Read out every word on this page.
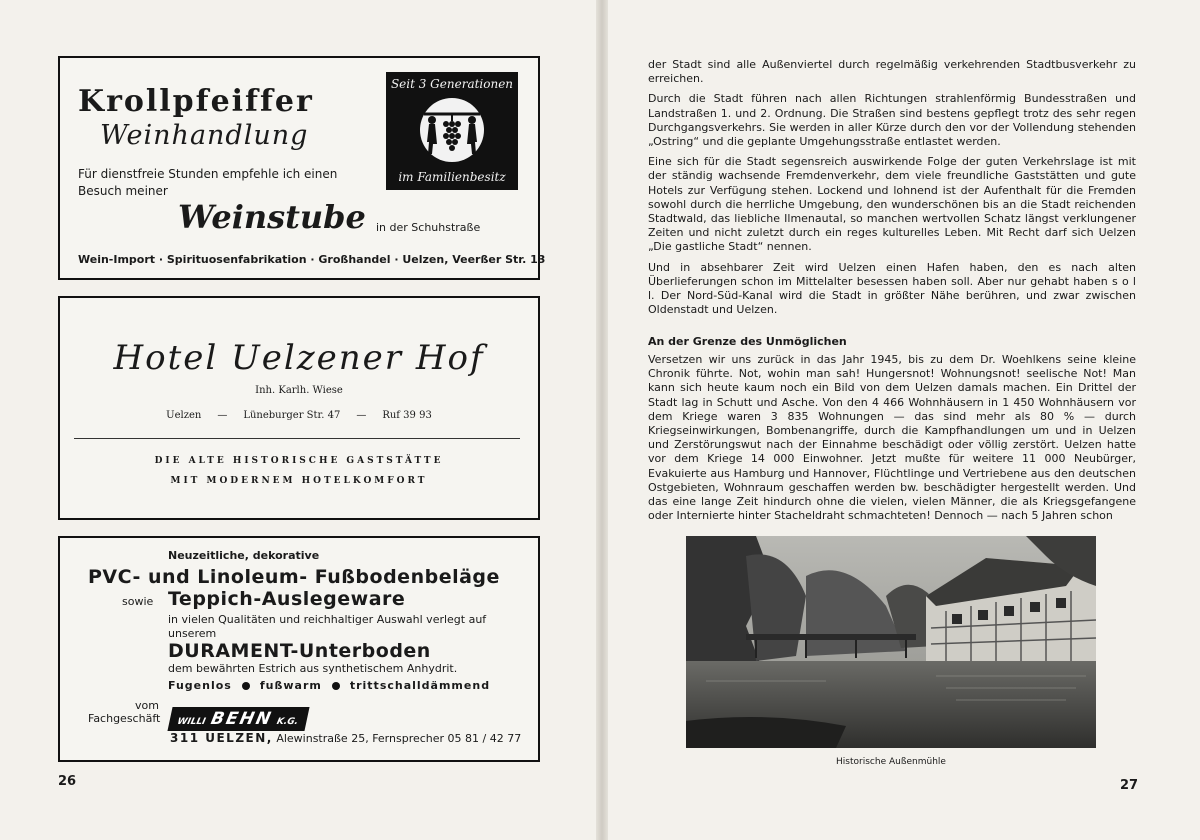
Krollpfeiffer
Weinhandlung
Seit 3 Generationen
im Familienbesitz
Für dienstfreie Stunden empfehle ich einen Besuch meiner
Weinstube in der Schuhstraße
Wein-Import · Spirituosenfabrikation · Großhandel · Uelzen, Veerßer Str. 13
Hotel Uelzener Hof
Inh. Karlh. Wiese
Uelzen — Lüneburger Str. 47 — Ruf 39 93
DIE ALTE HISTORISCHE GASTSTÄTTE
MIT MODERNEM HOTELKOMFORT
Neuzeitliche, dekorative
PVC- und Linoleum- Fußbodenbeläge
sowie Teppich-Auslegeware
in vielen Qualitäten und reichhaltiger Auswahl verlegt auf unserem
DURAMENT-Unterboden
dem bewährten Estrich aus synthetischem Anhydrit.
Fugenlos	fußwarm	trittschalldämmend
vom
Fachgeschäft	WILLI BEHN K.G.
311 UELZEN, Alewinstraße 25, Fernsprecher 05 81 / 42 77
26

der Stadt sind alle Außenviertel durch regelmäßig verkehrenden Stadtbusverkehr zu erreichen.

Durch die Stadt führen nach allen Richtungen strahlenförmig Bundesstraßen und Landstraßen 1. und 2. Ordnung. Die Straßen sind bestens gepflegt trotz des sehr regen Durchgangsverkehrs. Sie werden in aller Kürze durch den vor der Vollendung stehenden „Ostring“ und die geplante Umgehungsstraße entlastet werden.

Eine sich für die Stadt segensreich auswirkende Folge der guten Verkehrslage ist mit der ständig wachsende Fremdenverkehr, dem viele freundliche Gaststätten und gute Hotels zur Verfügung stehen. Lockend und lohnend ist der Aufenthalt für die Fremden sowohl durch die herrliche Umgebung, den wunderschönen bis an die Stadt reichenden Stadtwald, das liebliche Ilmenautal, so manchen wertvollen Schatz längst verklungener Zeiten und nicht zuletzt durch ein reges kulturelles Leben. Mit Recht darf sich Uelzen „Die gastliche Stadt“ nennen.

Und in absehbarer Zeit wird Uelzen einen Hafen haben, den es nach alten Überlieferungen schon im Mittelalter besessen haben soll. Aber nur gehabt haben s o l l. Der Nord-Süd-Kanal wird die Stadt in größter Nähe berühren, und zwar zwischen Oldenstadt und Uelzen.

An der Grenze des Unmöglichen

Versetzen wir uns zurück in das Jahr 1945, bis zu dem Dr. Woehlkens seine kleine Chronik führte. Not, wohin man sah! Hungersnot! Wohnungsnot! seelische Not! Man kann sich heute kaum noch ein Bild von dem Uelzen damals machen. Ein Drittel der Stadt lag in Schutt und Asche. Von den 4 466 Wohnhäusern in 1 450 Wohnhäusern vor dem Kriege waren 3 835 Wohnungen — das sind mehr als 80 % — durch Kriegseinwirkungen, Bombenangriffe, durch die Kampfhandlungen um und in Uelzen und Zerstörungswut nach der Einnahme beschädigt oder völlig zerstört. Uelzen hatte vor dem Kriege 14 000 Einwohner. Jetzt mußte für weitere 11 000 Neubürger, Evakuierte aus Hamburg und Hannover, Flüchtlinge und Vertriebene aus den deutschen Ostgebieten, Wohnraum geschaffen werden bw. beschädigter hergestellt werden. Und das eine lange Zeit hindurch ohne die vielen, vielen Männer, die als Kriegsgefangene oder Internierte hinter Stacheldraht schmachteten! Dennoch — nach 5 Jahren schon

Historische Außenmühle
27
